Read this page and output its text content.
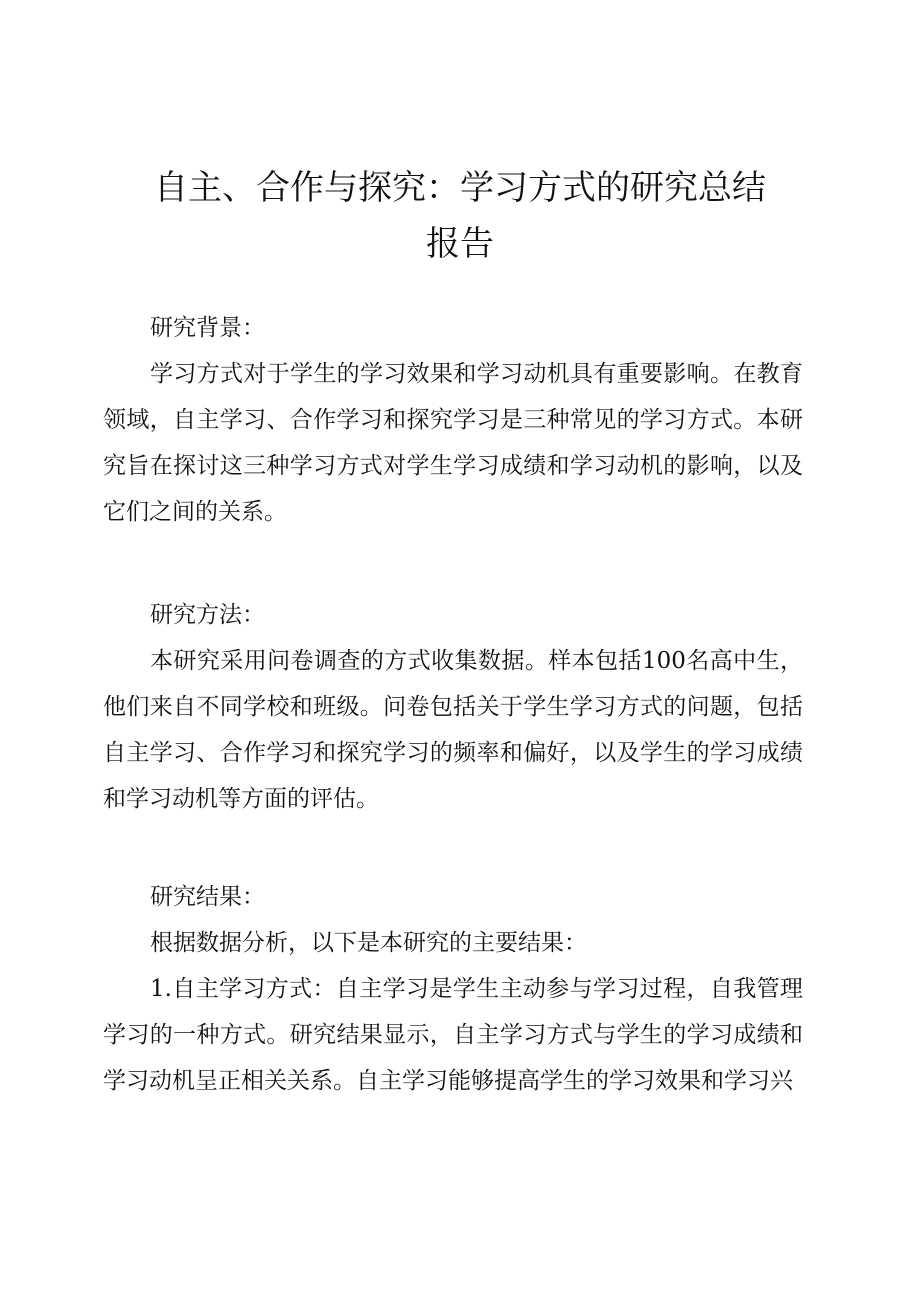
自主、合作与探究：学习方式的研究总结
报告

研究背景：

学习方式对于学生的学习效果和学习动机具有重要影响。在教育领域，自主学习、合作学习和探究学习是三种常见的学习方式。本研究旨在探讨这三种学习方式对学生学习成绩和学习动机的影响，以及它们之间的关系。

研究方法：

本研究采用问卷调查的方式收集数据。样本包括100名高中生，他们来自不同学校和班级。问卷包括关于学生学习方式的问题，包括自主学习、合作学习和探究学习的频率和偏好，以及学生的学习成绩和学习动机等方面的评估。

研究结果：

根据数据分析，以下是本研究的主要结果：

1.自主学习方式：自主学习是学生主动参与学习过程，自我管理学习的一种方式。研究结果显示，自主学习方式与学生的学习成绩和学习动机呈正相关关系。自主学习能够提高学生的学习效果和学习兴
